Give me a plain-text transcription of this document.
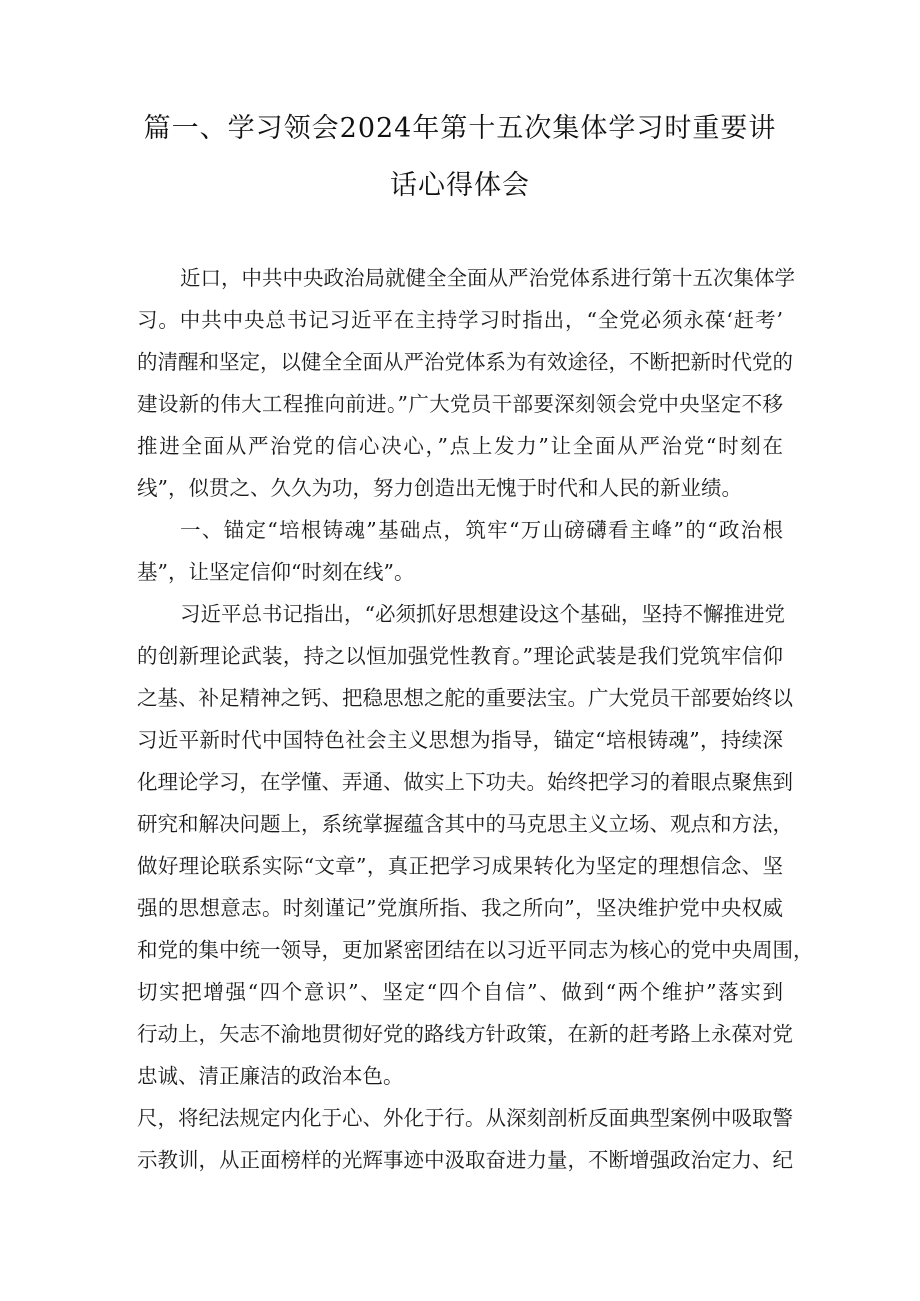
篇一、学习领会2024年第十五次集体学习时重要讲
话心得体会
近口，中共中央政治局就健全全面从严治党体系进行第十五次集体学
习。中共中央总书记习近平在主持学习时指出，“全党必须永葆‘赶考’
的清醒和坚定，以健全全面从严治党体系为有效途径，不断把新时代党的
建设新的伟大工程推向前进。”广大党员干部要深刻领会党中央坚定不移
推进全面从严治党的信心决心，”点上发力”让全面从严治党“时刻在
线”，似贯之、久久为功，努力创造出无愧于时代和人民的新业绩。
一、锚定“培根铸魂”基础点，筑牢“万山磅礴看主峰”的“政治根
基”，让坚定信仰“时刻在线”。
习近平总书记指出，“必须抓好思想建设这个基础，坚持不懈推进党
的创新理论武装，持之以恒加强党性教育。”理论武装是我们党筑牢信仰
之基、补足精神之钙、把稳思想之舵的重要法宝。广大党员干部要始终以
习近平新时代中国特色社会主义思想为指导，锚定“培根铸魂”，持续深
化理论学习，在学懂、弄通、做实上下功夫。始终把学习的着眼点聚焦到
研究和解决问题上，系统掌握蕴含其中的马克思主义立场、观点和方法，
做好理论联系实际“文章”，真正把学习成果转化为坚定的理想信念、坚
强的思想意志。时刻谨记”党旗所指、我之所向”，坚决维护党中央权威
和党的集中统一领导，更加紧密团结在以习近平同志为核心的党中央周围，
切实把增强“四个意识”、坚定“四个自信”、做到“两个维护”落实到
行动上，矢志不渝地贯彻好党的路线方针政策，在新的赶考路上永葆对党
忠诚、清正廉洁的政治本色。
尺，将纪法规定内化于心、外化于行。从深刻剖析反面典型案例中吸取警
示教训，从正面榜样的光辉事迹中汲取奋进力量，不断增强政治定力、纪
